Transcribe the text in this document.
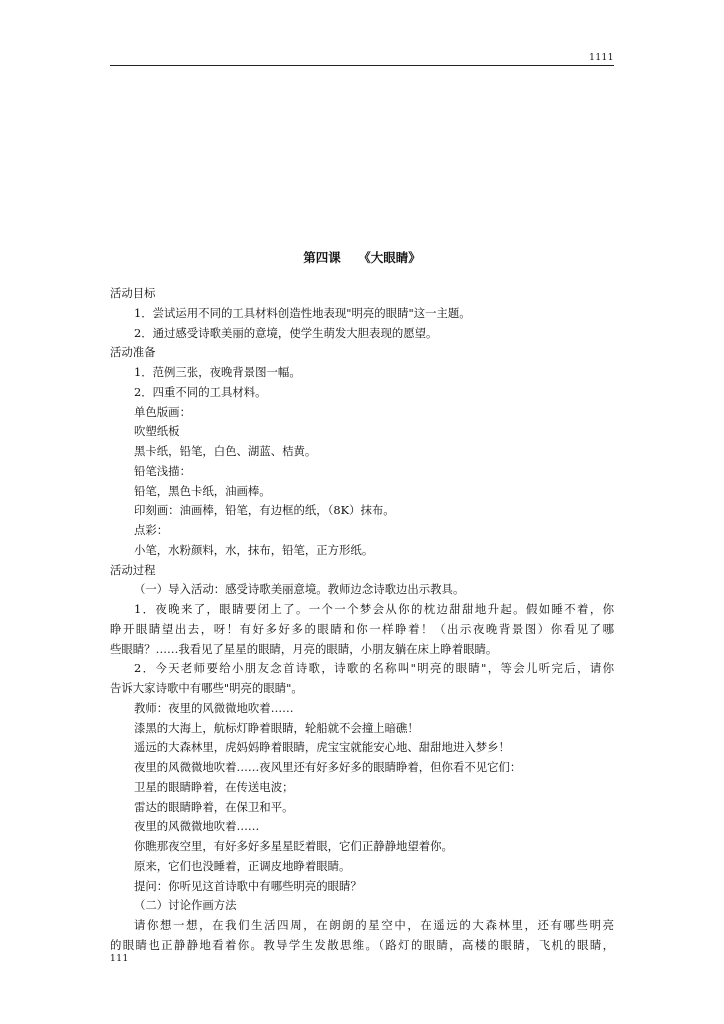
1111
第四课    《大眼睛》
活动目标
1．尝试运用不同的工具材料创造性地表现"明亮的眼睛"这一主题。
2．通过感受诗歌美丽的意境，使学生萌发大胆表现的愿望。
活动准备
1．范例三张，夜晚背景图一幅。
2．四重不同的工具材料。
单色版画：
吹塑纸板
黑卡纸，铅笔，白色、湖蓝、桔黄。
铅笔浅描：
铅笔，黑色卡纸，油画棒。
印刻画：油画棒，铅笔，有边框的纸，（8K）抹布。
点彩：
小笔，水粉颜料，水，抹布，铅笔，正方形纸。
活动过程
（一）导入活动：感受诗歌美丽意境。教师边念诗歌边出示教具。
1．夜晚来了，眼睛要闭上了。一个一个梦会从你的枕边甜甜地升起。假如睡不着，你
睁开眼睛望出去，呀！有好多好多的眼睛和你一样睁着！（出示夜晚背景图）你看见了哪
些眼睛？……我看见了星星的眼睛，月亮的眼睛，小朋友躺在床上睁着眼睛。
2．今天老师要给小朋友念首诗歌，诗歌的名称叫"明亮的眼睛"，等会儿听完后，请你
告诉大家诗歌中有哪些"明亮的眼睛"。
教师：夜里的风微微地吹着……
漆黑的大海上，航标灯睁着眼睛，轮船就不会撞上暗礁！
遥远的大森林里，虎妈妈睁着眼睛，虎宝宝就能安心地、甜甜地进入梦乡！
夜里的风微微地吹着……夜风里还有好多好多的眼睛睁着，但你看不见它们：
卫星的眼睛睁着，在传送电波；
雷达的眼睛睁着，在保卫和平。
夜里的风微微地吹着……
你瞧那夜空里，有好多好多星星眨着眼，它们正静静地望着你。
原来，它们也没睡着，正调皮地睁着眼睛。
提问：你听见这首诗歌中有哪些明亮的眼睛？
（二）讨论作画方法
请你想一想，在我们生活四周，在朗朗的星空中，在遥远的大森林里，还有哪些明亮
的眼睛也正静静地看着你。教导学生发散思维。（路灯的眼睛，高楼的眼睛，飞机的眼睛，
111
